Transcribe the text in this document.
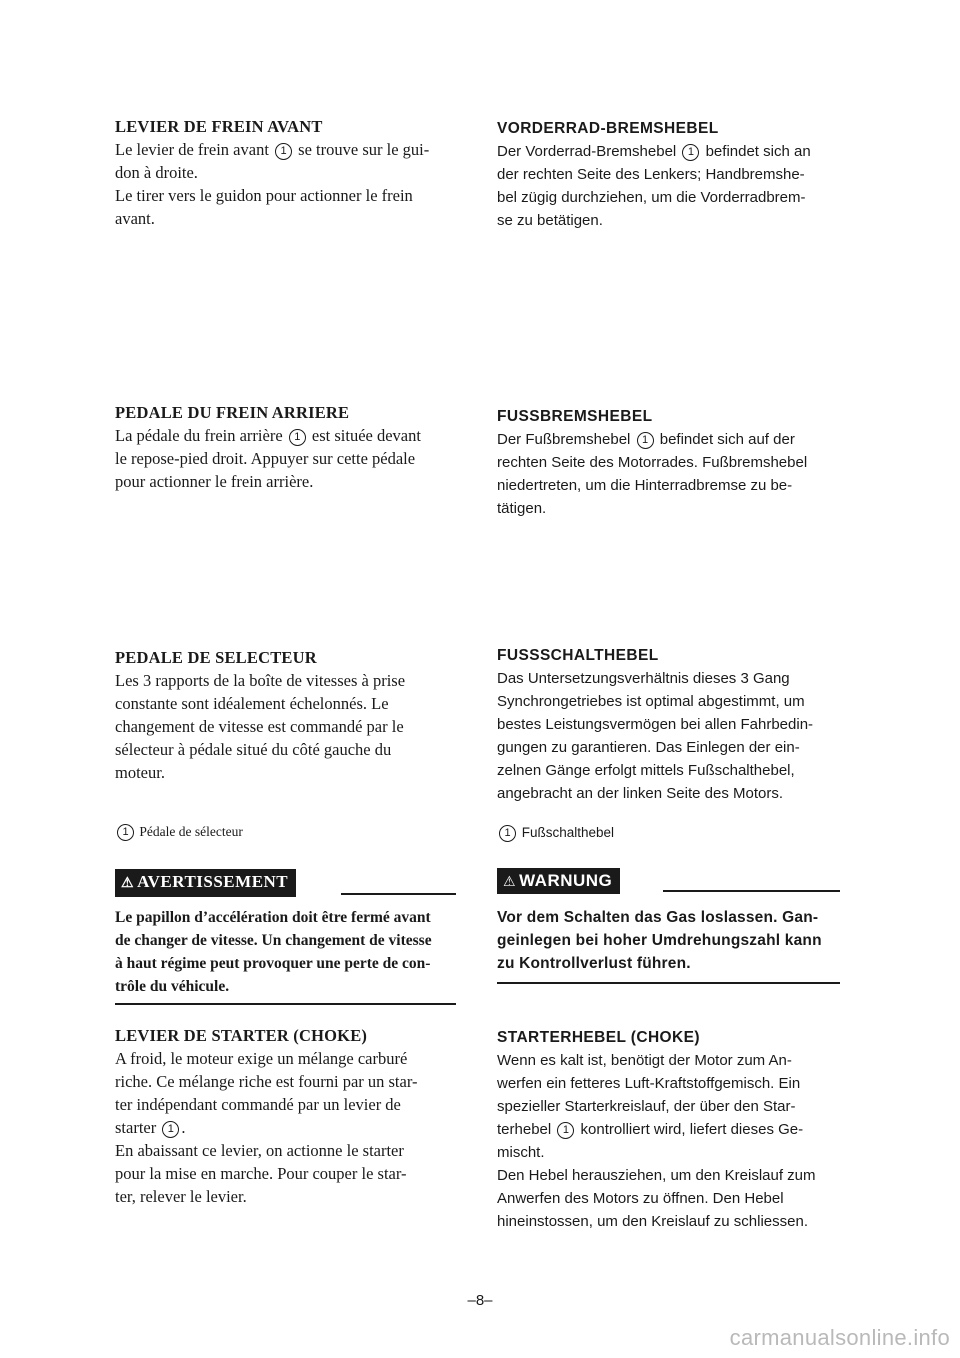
LEVIER DE FREIN AVANT

Le levier de frein avant 1 se trouve sur le gui-
don à droite.
Le tirer vers le guidon pour actionner le frein
avant.

PEDALE DU FREIN ARRIERE

La pédale du frein arrière 1 est située devant
le repose-pied droit. Appuyer sur cette pédale
pour actionner le frein arrière.

PEDALE DE SELECTEUR

Les 3 rapports de la boîte de vitesses à prise
constante sont idéalement échelonnés. Le
changement de vitesse est commandé par le
sélecteur à pédale situé du côté gauche du
moteur.

1 Pédale de sélecteur

⚠ AVERTISSEMENT

Le papillon d’accélération doit être fermé avant
de changer de vitesse. Un changement de vitesse
à haut régime peut provoquer une perte de con-
trôle du véhicule.

LEVIER DE STARTER (CHOKE)

A froid, le moteur exige un mélange carburé
riche. Ce mélange riche est fourni par un star-
ter indépendant commandé par un levier de
starter 1 .
En abaissant ce levier, on actionne le starter
pour la mise en marche. Pour couper le star-
ter, relever le levier.

VORDERRAD-BREMSHEBEL

Der Vorderrad-Bremshebel 1 befindet sich an
der rechten Seite des Lenkers; Handbremshe-
bel zügig durchziehen, um die Vorderradbrem-
se zu betätigen.

FUSSBREMSHEBEL

Der Fußbremshebel 1 befindet sich auf der
rechten Seite des Motorrades. Fußbremshebel
niedertreten, um die Hinterradbremse zu be-
tätigen.

FUSSSCHALTHEBEL

Das Untersetzungsverhältnis dieses 3 Gang
Synchrongetriebes ist optimal abgestimmt, um
bestes Leistungsvermögen bei allen Fahrbedin-
gungen zu garantieren. Das Einlegen der ein-
zelnen Gänge erfolgt mittels Fußschalthebel,
angebracht an der linken Seite des Motors.

1 Fußschalthebel

⚠ WARNUNG

Vor dem Schalten das Gas loslassen. Gan-
geinlegen bei hoher Umdrehungszahl kann
zu Kontrollverlust führen.

STARTERHEBEL (CHOKE)

Wenn es kalt ist, benötigt der Motor zum An-
werfen ein fetteres Luft-Kraftstoffgemisch. Ein
spezieller Starterkreislauf, der über den Star-
terhebel 1 kontrolliert wird, liefert dieses Ge-
mischt.
Den Hebel herausziehen, um den Kreislauf zum
Anwerfen des Motors zu öffnen. Den Hebel
hineinstossen, um den Kreislauf zu schliessen.

–8–
carmanualsonline.info
